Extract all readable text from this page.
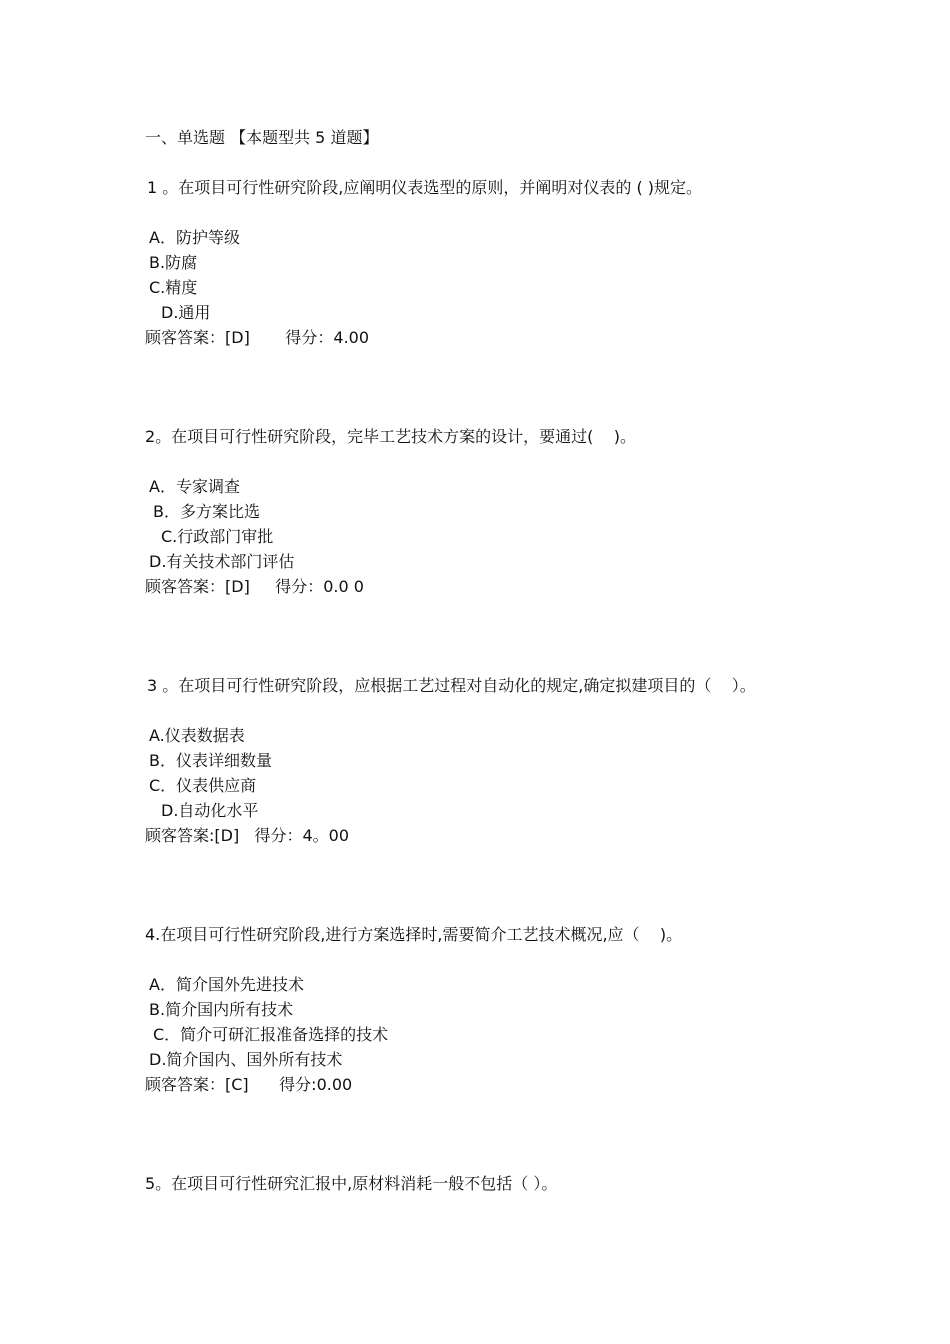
一、单选题 【本题型共 5 道题】
1 。在项目可行性研究阶段,应阐明仪表选型的原则，并阐明对仪表的 ( )规定。
A．防护等级
B.防腐
C.精度
D.通用
顾客答案：[D]       得分：4.00
2。在项目可行性研究阶段，完毕工艺技术方案的设计，要通过(    )。
A．专家调查
B．多方案比选
C.行政部门审批
D.有关技术部门评估
顾客答案：[D]     得分：0.0 0
3 。在项目可行性研究阶段，应根据工艺过程对自动化的规定,确定拟建项目的（    ）。
A.仪表数据表
B．仪表详细数量
C．仪表供应商
D.自动化水平
顾客答案:[D]   得分：4。00
4.在项目可行性研究阶段,进行方案选择时,需要简介工艺技术概况,应（    )。
A．简介国外先进技术
B.简介国内所有技术
C．简介可研汇报准备选择的技术
D.简介国内、国外所有技术
顾客答案：[C]      得分:0.00
5。在项目可行性研究汇报中,原材料消耗一般不包括（ ）。
